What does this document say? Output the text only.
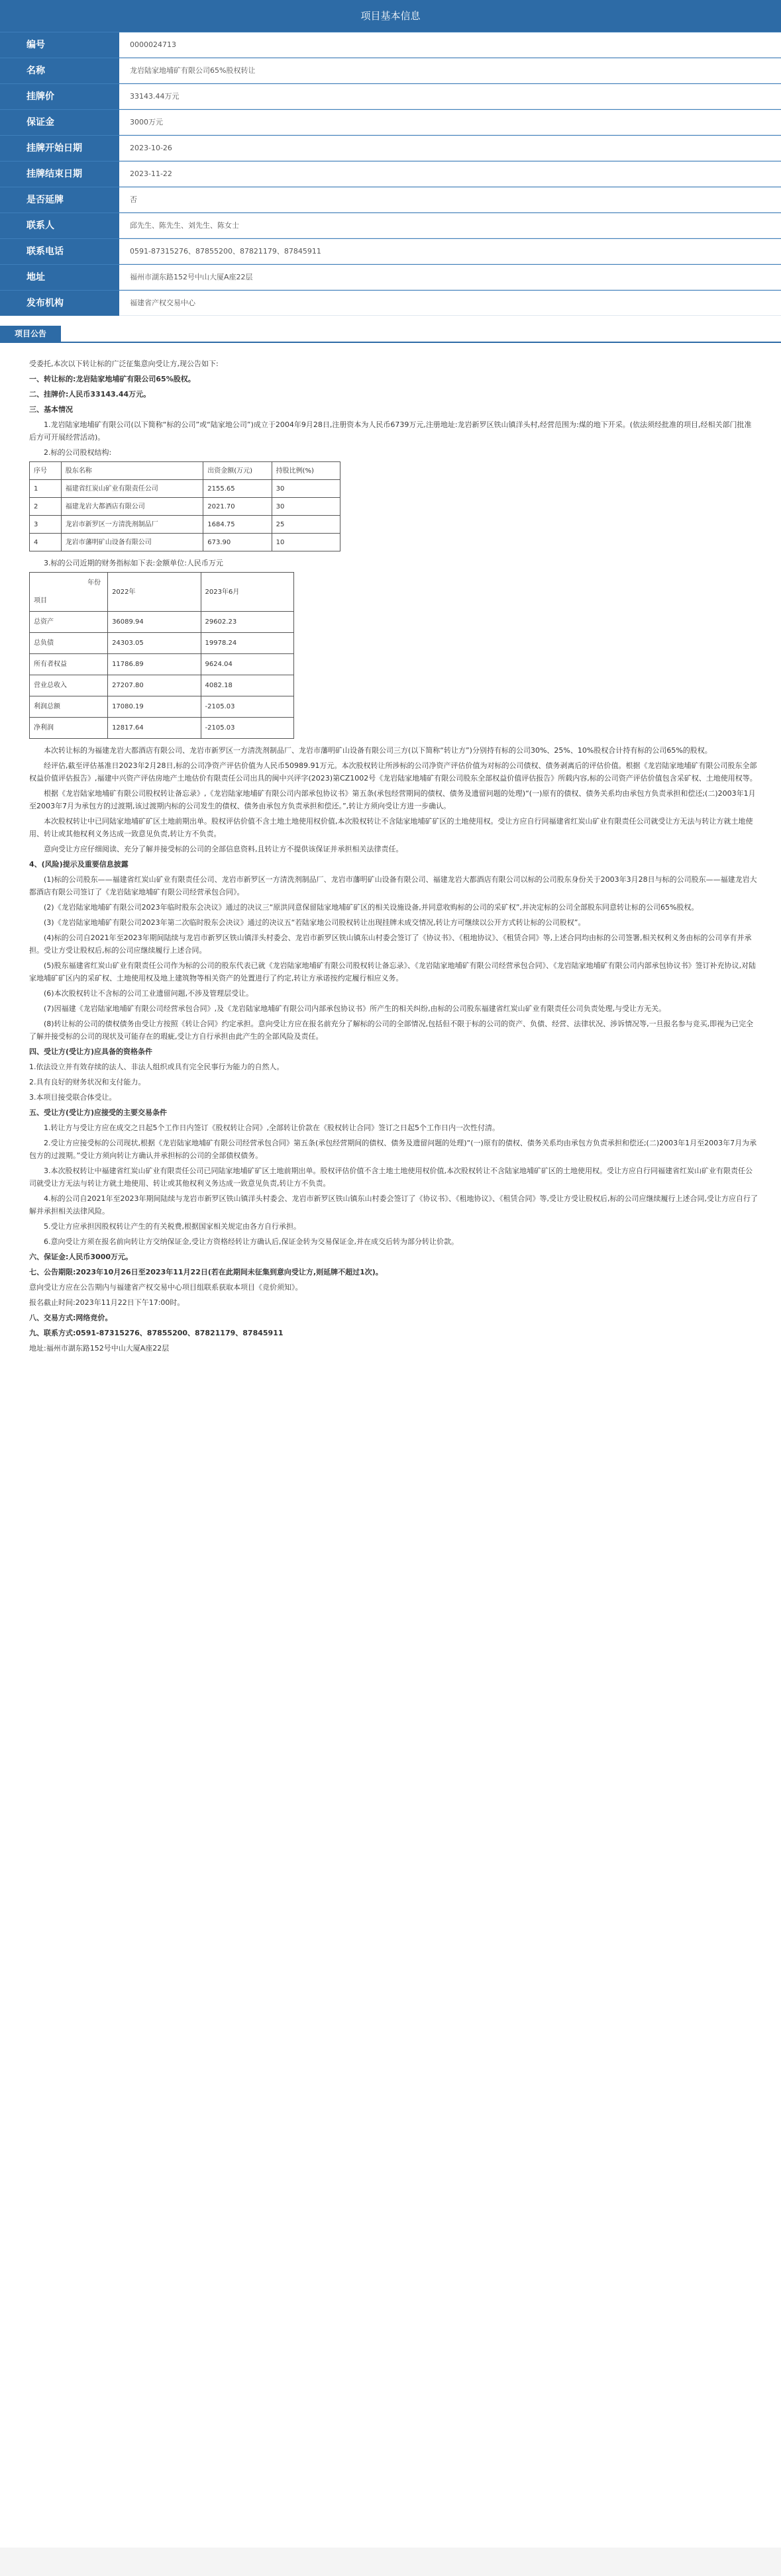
项目基本信息
编号	0000024713
名称	龙岩陆家地埔矿有限公司65%股权转让
挂牌价	33143.44万元
保证金	3000万元
挂牌开始日期	2023-10-26
挂牌结束日期	2023-11-22
是否延牌	否
联系人	邱先生、陈先生、刘先生、陈女士
联系电话	0591-87315276、87855200、87821179、87845911
地址	福州市湖东路152号中山大厦A座22层
发布机构	福建省产权交易中心
项目公告

受委托,本次以下转让标的广泛征集意向受让方,现公告如下:

一、转让标的:龙岩陆家地埔矿有限公司65%股权。

二、挂牌价:人民币33143.44万元。

三、基本情况

1.龙岩陆家地埔矿有限公司(以下简称“标的公司”或“陆家地公司”)成立于2004年9月28日,注册资本为人民币6739万元,注册地址:龙岩新罗区铁山镇洋头村,经营范围为:煤的地下开采。(依法须经批准的项目,经相关部门批准后方可开展经营活动)。

2.标的公司股权结构:

序号	股东名称	出资金额(万元)	持股比例(%)
1	福建省红炭山矿业有限责任公司	2155.65	30
2	福建龙岩大都酒店有限公司	2021.70	30
3	龙岩市新罗区一方清洗剂制品厂	1684.75	25
4	龙岩市藩明矿山设备有限公司	673.90	10

3.标的公司近期的财务指标如下表:金额单位:人民币万元

年份
项目	2022年	2023年6月
总资产	36089.94	29602.23
总负债	24303.05	19978.24
所有者权益	11786.89	9624.04
营业总收入	27207.80	4082.18
利润总额	17080.19	-2105.03
净利润	12817.64	-2105.03

本次转让标的为福建龙岩大都酒店有限公司、龙岩市新罗区一方清洗剂制品厂、龙岩市藩明矿山设备有限公司三方(以下简称“转让方”)分别持有标的公司30%、25%、10%股权合计持有标的公司65%的股权。

经评估,截至评估基准日2023年2月28日,标的公司净资产评估价值为人民币50989.91万元。本次股权转让所涉标的公司净资产评估价值为对标的公司债权、债务剥离后的评估价值。根据《龙岩陆家地埔矿有限公司股东全部权益价值评估报告》,福建中兴资产评估房地产土地估价有限责任公司出具的闽中兴评字(2023)第CZ1002号《龙岩陆家地埔矿有限公司股东全部权益价值评估报告》所载内容,标的公司资产评估价值包含采矿权、土地使用权等。

根据《龙岩陆家地埔矿有限公司股权转让备忘录》,《龙岩陆家地埔矿有限公司内部承包协议书》第五条(承包经营期间的债权、债务及遗留问题的处理)“(一)原有的债权、债务关系均由承包方负责承担和偿还;(二)2003年1月至2003年7月为承包方的过渡期,该过渡期内标的公司发生的债权、债务由承包方负责承担和偿还。”,转让方须向受让方进一步确认。

本次股权转让中已同陆家地埔矿矿区土地前期出单。股权评估价值不含土地土地使用权价值,本次股权转让不含陆家地埔矿矿区的土地使用权。受让方应自行同福建省红炭山矿业有限责任公司就受让方无法与转让方就土地使用、转让或其他权利义务达成一致意见负责,转让方不负责。

意向受让方应仔细阅读、充分了解并接受标的公司的全部信息资料,且转让方不提供该保证并承担相关法律责任。

4、(风险)提示及重要信息披露

(1)标的公司股东——福建省红炭山矿业有限责任公司、龙岩市新罗区一方清洗剂制品厂、龙岩市藩明矿山设备有限公司、福建龙岩大都酒店有限公司以标的公司股东身份关于2003年3月28日与标的公司股东——福建龙岩大都酒店有限公司签订了《龙岩陆家地埔矿有限公司经营承包合同》。

(2)《龙岩陆家地埔矿有限公司2023年临时股东会决议》通过的决议三“原洪同意保留陆家地埔矿矿区的相关设施设备,并同意收购标的公司的采矿权”,并决定标的公司全部股东同意转让标的公司65%股权。

(3)《龙岩陆家地埔矿有限公司2023年第二次临时股东会决议》通过的决议五“若陆家地公司股权转让出现挂牌未成交情况,转让方可继续以公开方式转让标的公司股权”。

(4)标的公司自2021年至2023年期间陆续与龙岩市新罗区铁山镇洋头村委会、龙岩市新罗区铁山镇东山村委会签订了《协议书》、《租地协议》、《租赁合同》等,上述合同均由标的公司签署,相关权利义务由标的公司享有并承担。受让方受让股权后,标的公司应继续履行上述合同。

(5)股东福建省红炭山矿业有限责任公司作为标的公司的股东代表已就《龙岩陆家地埔矿有限公司股权转让备忘录》、《龙岩陆家地埔矿有限公司经营承包合同》、《龙岩陆家地埔矿有限公司内部承包协议书》签订补充协议,对陆家地埔矿矿区内的采矿权、土地使用权及地上建筑物等相关资产的处置进行了约定,转让方承诺按约定履行相应义务。

(6)本次股权转让不含标的公司工业遗留问题,不涉及管理层受让。

(7)因福建《龙岩陆家地埔矿有限公司经营承包合同》,及《龙岩陆家地埔矿有限公司内部承包协议书》所产生的相关纠纷,由标的公司股东福建省红炭山矿业有限责任公司负责处理,与受让方无关。

(8)转让标的公司的债权债务由受让方按照《转让合同》约定承担。意向受让方应在报名前充分了解标的公司的全部情况,包括但不限于标的公司的资产、负债、经营、法律状况、涉诉情况等,一旦报名参与竞买,即视为已完全了解并接受标的公司的现状及可能存在的瑕疵,受让方自行承担由此产生的全部风险及责任。

四、受让方(受让方)应具备的资格条件

1.依法设立并有效存续的法人、非法人组织或具有完全民事行为能力的自然人。

2.具有良好的财务状况和支付能力。

3.本项目接受联合体受让。

五、受让方(受让方)应接受的主要交易条件

1.转让方与受让方应在成交之日起5个工作日内签订《股权转让合同》,全部转让价款在《股权转让合同》签订之日起5个工作日内一次性付清。

2.受让方应接受标的公司现状,根据《龙岩陆家地埔矿有限公司经营承包合同》第五条(承包经营期间的债权、债务及遗留问题的处理)“(一)原有的债权、债务关系均由承包方负责承担和偿还;(二)2003年1月至2003年7月为承包方的过渡期。”受让方须向转让方确认并承担标的公司的全部债权债务。

3.本次股权转让中福建省红炭山矿业有限责任公司已同陆家地埔矿矿区土地前期出单。股权评估价值不含土地土地使用权价值,本次股权转让不含陆家地埔矿矿区的土地使用权。受让方应自行同福建省红炭山矿业有限责任公司就受让方无法与转让方就土地使用、转让或其他权利义务达成一致意见负责,转让方不负责。

4.标的公司自2021年至2023年期间陆续与龙岩市新罗区铁山镇洋头村委会、龙岩市新罗区铁山镇东山村委会签订了《协议书》、《租地协议》、《租赁合同》等,受让方受让股权后,标的公司应继续履行上述合同,受让方应自行了解并承担相关法律风险。

5.受让方应承担因股权转让产生的有关税费,根据国家相关规定由各方自行承担。

6.意向受让方须在报名前向转让方交纳保证金,受让方资格经转让方确认后,保证金转为交易保证金,并在成交后转为部分转让价款。

六、保证金:人民币3000万元。

七、公告期限:2023年10月26日至2023年11月22日(若在此期间未征集到意向受让方,则延牌不超过1次)。

意向受让方应在公告期内与福建省产权交易中心项目组联系获取本项目《竞价须知》。

报名截止时间:2023年11月22日下午17:00时。

八、交易方式:网络竞价。

九、联系方式:0591-87315276、87855200、87821179、87845911

地址:福州市湖东路152号中山大厦A座22层
